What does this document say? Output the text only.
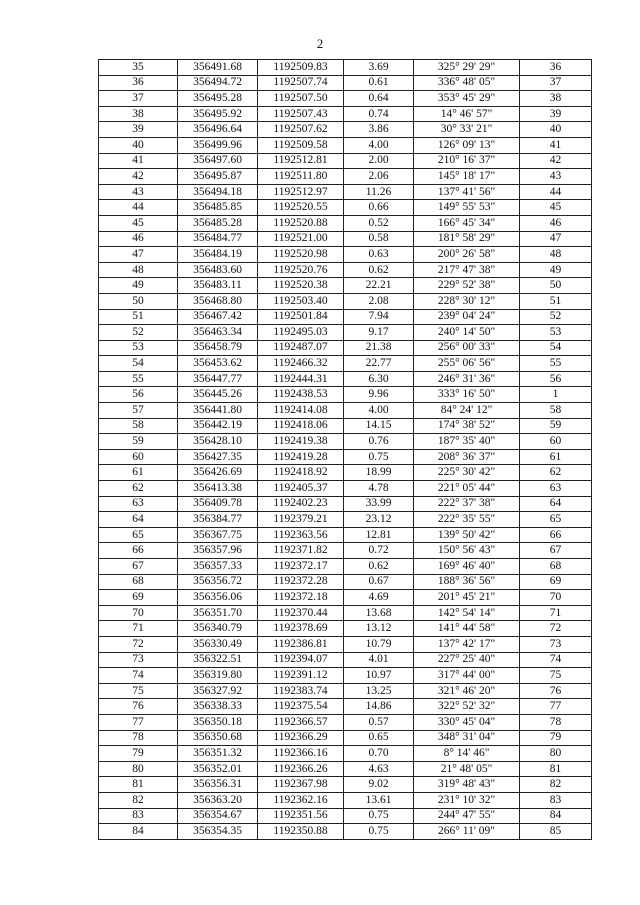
2
35	356491.68	1192509.83	3.69	325° 29' 29"	36
36	356494.72	1192507.74	0.61	336° 48' 05"	37
37	356495.28	1192507.50	0.64	353° 45' 29"	38
38	356495.92	1192507.43	0.74	14° 46' 57"	39
39	356496.64	1192507.62	3.86	30° 33' 21"	40
40	356499.96	1192509.58	4.00	126° 09' 13"	41
41	356497.60	1192512.81	2.00	210° 16' 37"	42
42	356495.87	1192511.80	2.06	145° 18' 17"	43
43	356494.18	1192512.97	11.26	137° 41' 56"	44
44	356485.85	1192520.55	0.66	149° 55' 53"	45
45	356485.28	1192520.88	0.52	166° 45' 34"	46
46	356484.77	1192521.00	0.58	181° 58' 29"	47
47	356484.19	1192520.98	0.63	200° 26' 58"	48
48	356483.60	1192520.76	0.62	217° 47' 38"	49
49	356483.11	1192520.38	22.21	229° 52' 38"	50
50	356468.80	1192503.40	2.08	228° 30' 12"	51
51	356467.42	1192501.84	7.94	239° 04' 24"	52
52	356463.34	1192495.03	9.17	240° 14' 50"	53
53	356458.79	1192487.07	21.38	256° 00' 33"	54
54	356453.62	1192466.32	22.77	255° 06' 56"	55
55	356447.77	1192444.31	6.30	246° 31' 36"	56
56	356445.26	1192438.53	9.96	333° 16' 50"	1
57	356441.80	1192414.08	4.00	84° 24' 12"	58
58	356442.19	1192418.06	14.15	174° 38' 52"	59
59	356428.10	1192419.38	0.76	187° 35' 40"	60
60	356427.35	1192419.28	0.75	208° 36' 37"	61
61	356426.69	1192418.92	18.99	225° 30' 42"	62
62	356413.38	1192405.37	4.78	221° 05' 44"	63
63	356409.78	1192402.23	33.99	222° 37' 38"	64
64	356384.77	1192379.21	23.12	222° 35' 55"	65
65	356367.75	1192363.56	12.81	139° 50' 42"	66
66	356357.96	1192371.82	0.72	150° 56' 43"	67
67	356357.33	1192372.17	0.62	169° 46' 40"	68
68	356356.72	1192372.28	0.67	188° 36' 56"	69
69	356356.06	1192372.18	4.69	201° 45' 21"	70
70	356351.70	1192370.44	13.68	142° 54' 14"	71
71	356340.79	1192378.69	13.12	141° 44' 58"	72
72	356330.49	1192386.81	10.79	137° 42' 17"	73
73	356322.51	1192394.07	4.01	227° 25' 40"	74
74	356319.80	1192391.12	10.97	317° 44' 00"	75
75	356327.92	1192383.74	13.25	321° 46' 20"	76
76	356338.33	1192375.54	14.86	322° 52' 32"	77
77	356350.18	1192366.57	0.57	330° 45' 04"	78
78	356350.68	1192366.29	0.65	348° 31' 04"	79
79	356351.32	1192366.16	0.70	8° 14' 46"	80
80	356352.01	1192366.26	4.63	21° 48' 05"	81
81	356356.31	1192367.98	9.02	319° 48' 43"	82
82	356363.20	1192362.16	13.61	231° 10' 32"	83
83	356354.67	1192351.56	0.75	244° 47' 55"	84
84	356354.35	1192350.88	0.75	266° 11' 09"	85
